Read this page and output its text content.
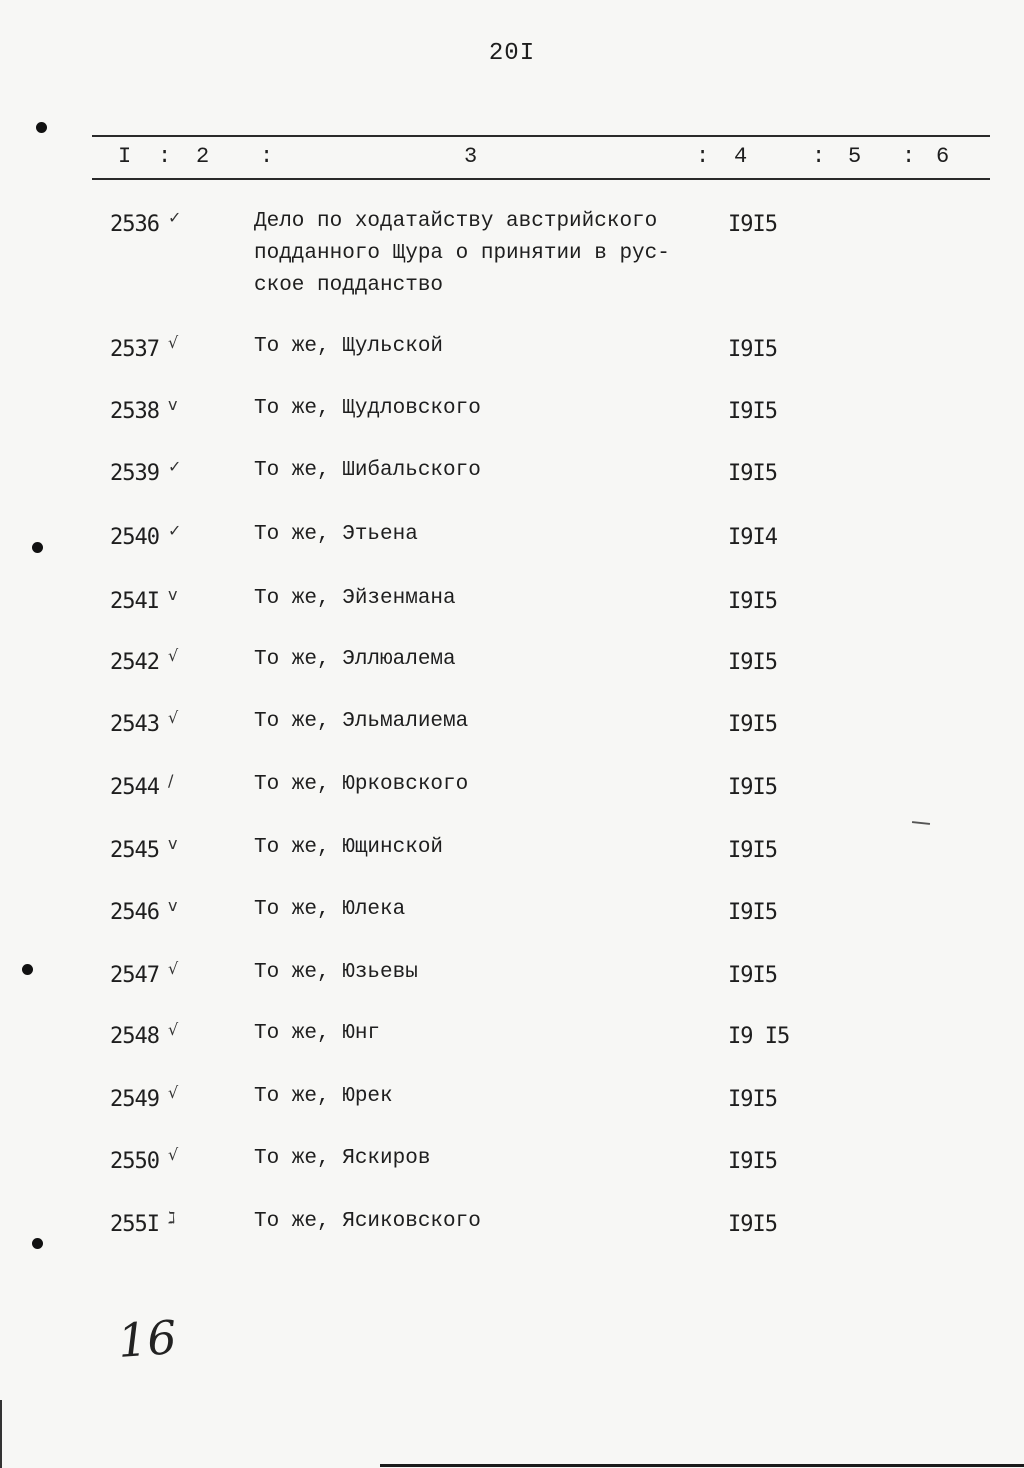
20I
I : 2 :	3	: 4	: 5 : 6
2536 ✓	Дело по ходатайству австрийского
подданного Щура о принятии в рус-
ское подданство
I9I5
2537 √	То же, Щульской	I9I5
2538 v	То же, Щудловского	I9I5
2539 ✓	То же, Шибальского	I9I5
2540 ✓	То же, Этьена	I9I4
254I v	То же, Эйзенмана	I9I5
2542 √	То же, Эллюалема	I9I5
2543 √	То же, Эльмалиема	I9I5
2544 /	То же, Юрковского	I9I5
2545 v	То же, Ющинской	I9I5
2546 v	То же, Юлека	I9I5
2547 √	То же, Юзьевы	I9I5
2548 √	То же, Юнг	I9 I5
2549 √	То же, Юрек	I9I5
2550 √	То же, Яскиров	I9I5
255I ℷ	То же, Ясиковского	I9I5
16
